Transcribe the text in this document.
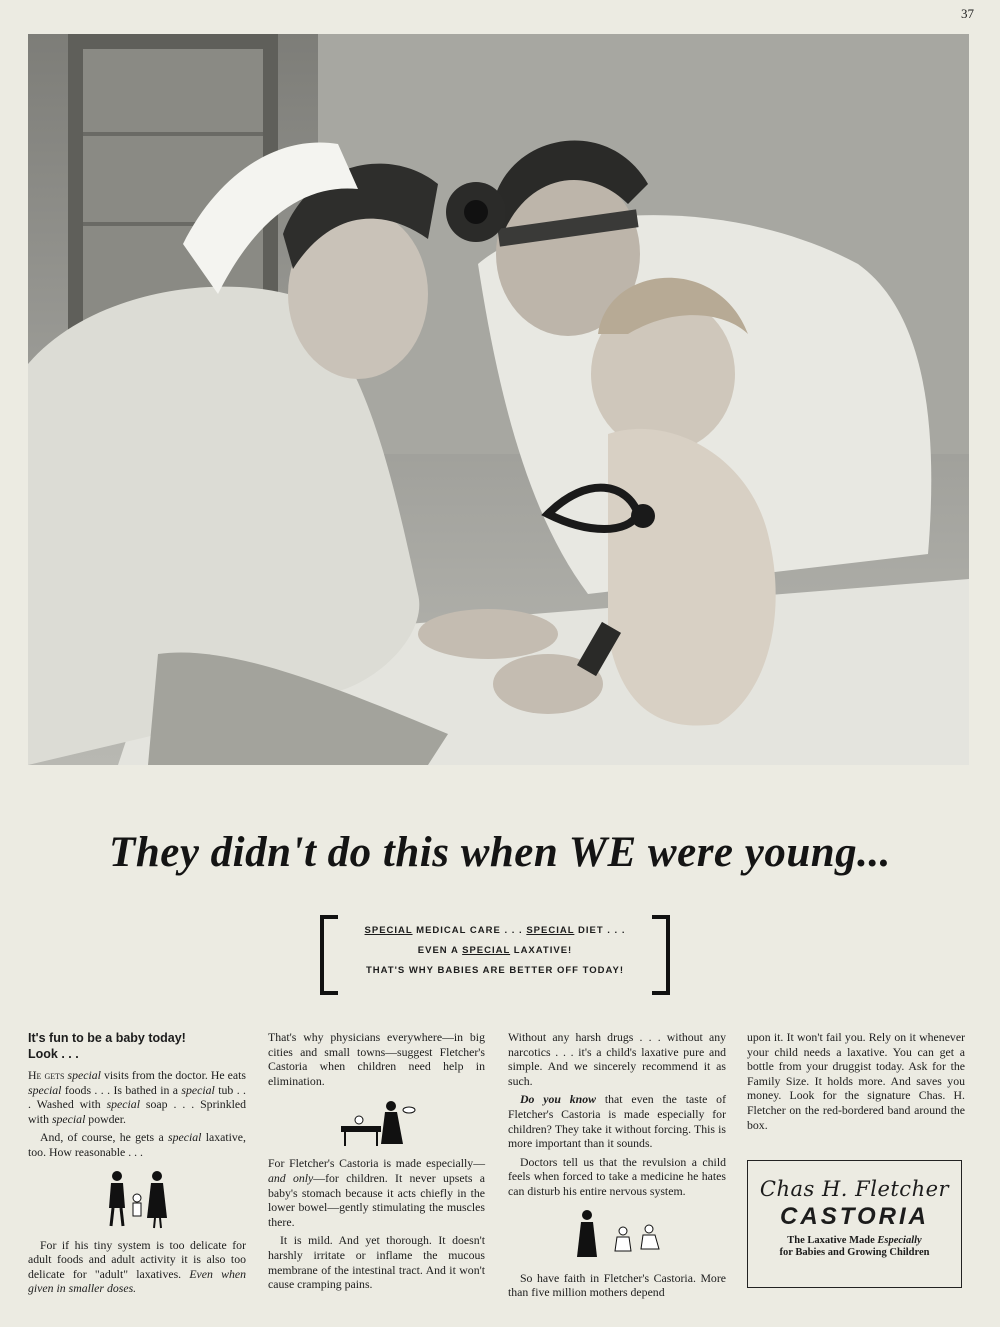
37
They didn't do this when WE were young...
SPECIAL MEDICAL CARE . . . SPECIAL DIET . . .
EVEN A SPECIAL LAXATIVE!
THAT'S WHY BABIES ARE BETTER OFF TODAY!
It's fun to be a baby today!
Look . . .

He gets special visits from the doctor. He eats special foods . . . Is bathed in a special tub . . . Washed with special soap . . . Sprinkled with special powder.

And, of course, he gets a special laxative, too. How reasonable . . .

For if his tiny system is too delicate for adult foods and adult activity it is also too delicate for "adult" laxatives. Even when given in smaller doses.

That's why physicians everywhere—in big cities and small towns—suggest Fletcher's Castoria when children need help in elimination.

For Fletcher's Castoria is made especially—and only—for children. It never upsets a baby's stomach because it acts chiefly in the lower bowel—gently stimulating the muscles there.

It is mild. And yet thorough. It doesn't harshly irritate or inflame the mucous membrane of the intestinal tract. And it won't cause cramping pains.

Without any harsh drugs . . . without any narcotics . . . it's a child's laxative pure and simple. And we sincerely recommend it as such.

Do you know that even the taste of Fletcher's Castoria is made especially for children? They take it without forcing. This is more important than it sounds.

Doctors tell us that the revulsion a child feels when forced to take a medicine he hates can disturb his entire nervous system.

So have faith in Fletcher's Castoria. More than five million mothers depend

upon it. It won't fail you. Rely on it whenever your child needs a laxative. You can get a bottle from your druggist today. Ask for the Family Size. It holds more. And saves you money. Look for the signature Chas. H. Fletcher on the red-bordered band around the box.

Chas H. Fletcher
CASTORIA
The Laxative Made Especially
for Babies and Growing Children
